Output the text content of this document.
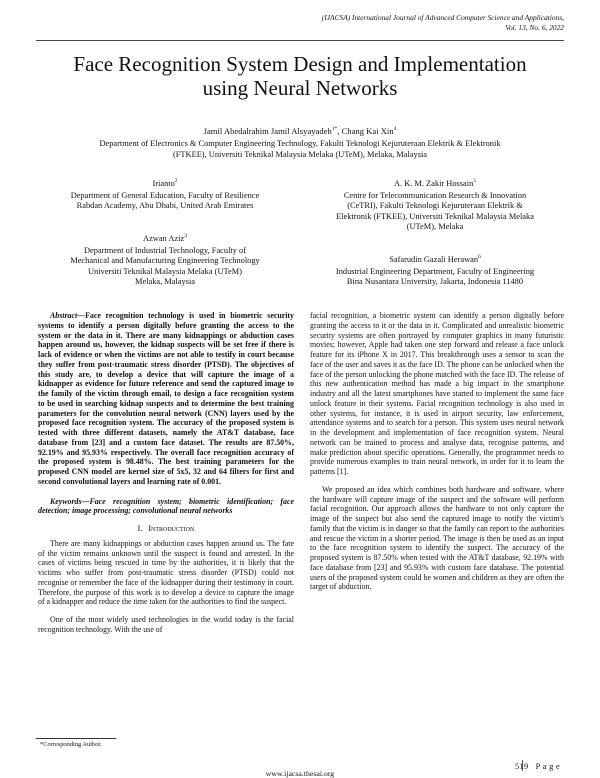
(IJACSA) International Journal of Advanced Computer Science and Applications,
Vol. 13, No. 6, 2022
Face Recognition System Design and Implementation
using Neural Networks
Jamil Abedalrahim Jamil Alsyayadeh$^{1*}$, Chang Kai Xin$^4$
Department of Electronics & Computer Engineering Technology, Fakulti Teknologi Kejuruteraan Elektrik & Elektronik
(FTKEE), Universiti Teknikal Malaysia Melaka (UTeM), Melaka, Malaysia
Irianto$^2$
Department of General Education, Faculty of Resilience
Rabdan Academy, Abu Dhabi, United Arab Emirates
Azwan Aziz$^3$
Department of Industrial Technology, Faculty of
Mechanical and Manufacturing Engineering Technology
Universiti Teknikal Malaysia Melaka (UTeM)
Melaka, Malaysia
A. K. M. Zakir Hossain$^5$
Centre for Telecommunication Research & Innovation
(CeTRI), Fakulti Teknologi Kejuruteraan Elektrik &
Elektronik (FTKEE), Universiti Teknikal Malaysia Melaka
(UTeM), Melaka
Safarudin Gazali Herawan$^6$
Industrial Engineering Department, Faculty of Engineering
Bina Nusantara University, Jakarta, Indonesia 11480

Abstract—Face recognition technology is used in biometric security systems to identify a person digitally before granting the access to the system or the data in it. There are many kidnappings or abduction cases happen around us, however, the kidnap suspects will be set free if there is lack of evidence or when the victims are not able to testify in court because they suffer from post-traumatic stress disorder (PTSD). The objectives of this study are, to develop a device that will capture the image of a kidnapper as evidence for future reference and send the captured image to the family of the victim through email, to design a face recognition system to be used in searching kidnap suspects and to determine the best training parameters for the convolution neural network (CNN) layers used by the proposed face recognition system. The accuracy of the proposed system is tested with three different datasets, namely the AT&T database, face database from [23] and a custom face dataset. The results are 87.50%, 92.19% and 95.93% respectively. The overall face recognition accuracy of the proposed system is 98.48%. The best training parameters for the proposed CNN model are kernel size of 5x5, 32 and 64 filters for first and second convolutional layers and learning rate of 0.001.

Keywords—Face recognition system; biometric identification; face detection; image processing; convolutional neural networks

I. Introduction

There are many kidnappings or abduction cases happen around us. The fate of the victim remains unknown until the suspect is found and arrested. In the cases of victims being rescued in time by the authorities, it is likely that the victims who suffer from post-traumatic stress disorder (PTSD) could not recognise or remember the face of the kidnapper during their testimony in court. Therefore, the purpose of this work is to develop a device to capture the image of a kidnapper and reduce the time taken for the authorities to find the suspect.

One of the most widely used technologies in the world today is the facial recognition technology. With the use of

facial recognition, a biometric system can identify a person digitally before granting the access to it or the data in it. Complicated and unrealistic biometric security systems are often portrayed by computer graphics in many futuristic movies; however, Apple had taken one step forward and release a face unlock feature for its iPhone X in 2017. This breakthrough uses a sensor to scan the face of the user and saves it as the face ID. The phone can be unlocked when the face of the person unlocking the phone matched with the face ID. The release of this new authentication method has made a big impact in the smartphone industry and all the latest smartphones have started to implement the same face unlock feature in their systems. Facial recognition technology is also used in other systems, for instance, it is used in airport security, law enforcement, attendance systems and to search for a person. This system uses neural network in the development and implementation of face recognition system. Neural network can be trained to process and analyse data, recognise patterns, and make prediction about specific operations. Generally, the programmer needs to provide numerous examples to train neural network, in order for it to learn the patterns [1].

We proposed an idea which combines both hardware and software, where the hardware will capture image of the suspect and the software will perform facial recognition. Our approach allows the hardware to not only capture the image of the suspect but also send the captured image to notify the victim's family that the victim is in danger so that the family can report to the authorities and rescue the victim in a shorter period. The image is then be used as an input to the face recognition system to identify the suspect. The accuracy of the proposed system is 87.50% when tested with the AT&T database, 92.19% with face database from [23] and 95.93% with custom face database. The potential users of the proposed system could be women and children as they are often the target of abduction.

*Corresponding Author.
519 P a g e
www.ijacsa.thesai.org
